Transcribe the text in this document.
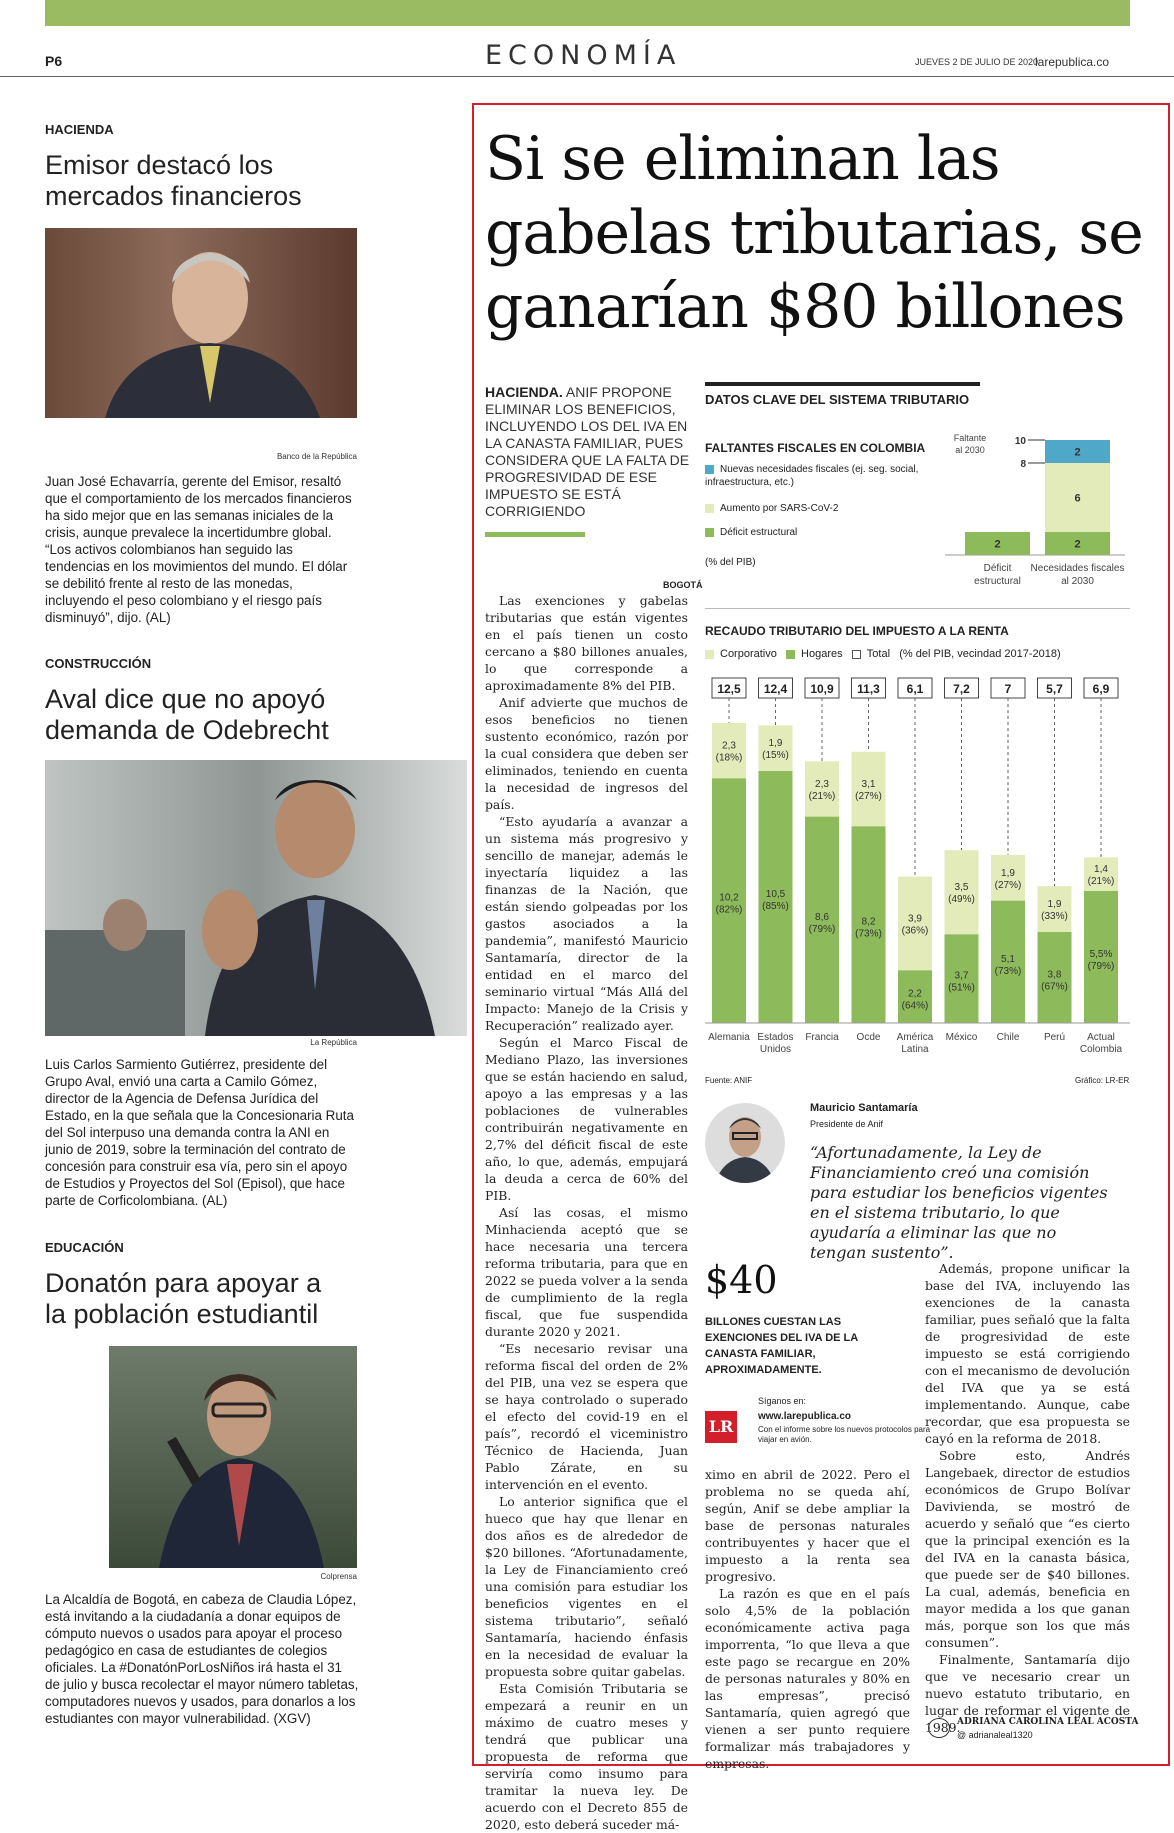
P6	ECONOMÍA	JUEVES 2 DE JULIO DE 2020
larepublica.co
HACIENDA
Emisor destacó los mercados financieros
Banco de la República
Juan José Echavarría, gerente del Emisor, resaltó que el comportamiento de los mercados financieros ha sido mejor que en las semanas iniciales de la crisis, aunque prevalece la incertidumbre global. “Los activos colombianos han seguido las tendencias en los movimientos del mundo. El dólar se debilitó frente al resto de las monedas, incluyendo el peso colombiano y el riesgo país disminuyó”, dijo. (AL)
CONSTRUCCIÓN
Aval dice que no apoyó demanda de Odebrecht
La República
Luis Carlos Sarmiento Gutiérrez, presidente del Grupo Aval, envió una carta a Camilo Gómez, director de la Agencia de Defensa Jurídica del Estado, en la que señala que la Concesionaria Ruta del Sol interpuso una demanda contra la ANI en junio de 2019, sobre la terminación del contrato de concesión para construir esa vía, pero sin el apoyo de Estudios y Proyectos del Sol (Episol), que hace parte de Corficolombiana. (AL)
EDUCACIÓN
Donatón para apoyar a la población estudiantil
Colprensa
La Alcaldía de Bogotá, en cabeza de Claudia López, está invitando a la ciudadanía a donar equipos de cómputo nuevos o usados para apoyar el proceso pedagógico en casa de estudiantes de colegios oficiales. La #DonatónPorLosNiños irá hasta el 31 de julio y busca recolectar el mayor número tabletas, computadores nuevos y usados, para donarlos a los estudiantes con mayor vulnerabilidad. (XGV)
Si se eliminan las gabelas tributarias, se ganarían $80 billones
HACIENDA. ANIF PROPONE ELIMINAR LOS BENEFICIOS, INCLUYENDO LOS DEL IVA EN LA CANASTA FAMILIAR, PUES CONSIDERA QUE LA FALTA DE PROGRESIVIDAD DE ESE IMPUESTO SE ESTÁ CORRIGIENDO
BOGOTÁ

Las exenciones y gabelas tributarias que están vigentes en el país tienen un costo cercano a $80 billones anuales, lo que corresponde a aproximadamente 8% del PIB.

Anif advierte que muchos de esos beneficios no tienen sustento económico, razón por la cual considera que deben ser eliminados, teniendo en cuenta la necesidad de ingresos del país.

“Esto ayudaría a avanzar a un sistema más progresivo y sencillo de manejar, además le inyectaría liquidez a las finanzas de la Nación, que están siendo golpeadas por los gastos asociados a la pandemia”, manifestó Mauricio Santamaría, director de la entidad en el marco del seminario virtual “Más Allá del Impacto: Manejo de la Crisis y Recuperación” realizado ayer.

Según el Marco Fiscal de Mediano Plazo, las inversiones que se están haciendo en salud, apoyo a las empresas y a las poblaciones de vulnerables contribuirán negativamente en 2,7% del déficit fiscal de este año, lo que, además, empujará la deuda a cerca de 60% del PIB.

Así las cosas, el mismo Minhacienda aceptó que se hace necesaria una tercera reforma tributaria, para que en 2022 se pueda volver a la senda de cumplimiento de la regla fiscal, que fue suspendida durante 2020 y 2021.

“Es necesario revisar una reforma fiscal del orden de 2% del PIB, una vez se espera que se haya controlado o superado el efecto del covid-19 en el país”, recordó el viceministro Técnico de Hacienda, Juan Pablo Zárate, en su intervención en el evento.

Lo anterior significa que el hueco que hay que llenar en dos años es de alrededor de $20 billones. “Afortunadamente, la Ley de Financiamiento creó una comisión para estudiar los beneficios vigentes en el sistema tributario”, señaló Santamaría, haciendo énfasis en la necesidad de evaluar la propuesta sobre quitar gabelas.

Esta Comisión Tributaria se empezará a reunir en un máximo de cuatro meses y tendrá que publicar una propuesta de reforma que serviría como insumo para tramitar la nueva ley. De acuerdo con el Decreto 855 de 2020, esto deberá suceder má-

DATOS CLAVE DEL SISTEMA TRIBUTARIO
FALTANTES FISCALES EN COLOMBIA
Nuevas necesidades fiscales (ej. seg. social, infraestructura, etc.)
Aumento por SARS-CoV-2
Déficit estructural
(% del PIB)
2
Déficit
estructural
2
6
2
Necesidades fiscales
al 2030
10
8
Faltante
al 2030
RECAUDO TRIBUTARIO DEL IMPUESTO A LA RENTA
Corporativo Hogares Total (% del PIB, vecindad 2017-2018)
12,5
10,2
(82%)
2,3
(18%)
Alemania
12,4
10,5
(85%)
1,9
(15%)
Estados
Unidos
10,9
8,6
(79%)
2,3
(21%)
Francia
11,3
8,2
(73%)
3,1
(27%)
Ocde
6,1
2,2
(64%)
3,9
(36%)
América
Latina
7,2
3,7
(51%)
3,5
(49%)
México
7
5,1
(73%)
1,9
(27%)
Chile
5,7
3,8
(67%)
1,9
(33%)
Perú
6,9
5,5%
(79%)
1,4
(21%)
Actual
Colombia
Fuente: ANIF	Gráfico: LR-ER
Mauricio Santamaría
Presidente de Anif
“Afortunadamente, la Ley de Financiamiento creó una comisión para estudiar los beneficios vigentes en el sistema tributario, lo que ayudaría a eliminar las que no tengan sustento”.
$40
BILLONES CUESTAN LAS EXENCIONES DEL IVA DE LA CANASTA FAMILIAR, APROXIMADAMENTE.
Síganos en:
LR
www.larepublica.co
Con el informe sobre los nuevos protocolos para viajar en avión.

ximo en abril de 2022. Pero el problema no se queda ahí, según, Anif se debe ampliar la base de personas naturales contribuyentes y hacer que el impuesto a la renta sea progresivo.

La razón es que en el país solo 4,5% de la población económicamente activa paga imporrenta, “lo que lleva a que este pago se recargue en 20% de personas naturales y 80% en las empresas”, precisó Santamaría, quien agregó que vienen a ser punto requiere formalizar más trabajadores y empresas.

Además, propone unificar la base del IVA, incluyendo las exenciones de la canasta familiar, pues señaló que la falta de progresividad de este impuesto se está corrigiendo con el mecanismo de devolución del IVA que ya se está implementando. Aunque, cabe recordar, que esa propuesta se cayó en la reforma de 2018.

Sobre esto, Andrés Langebaek, director de estudios económicos de Grupo Bolívar Davivienda, se mostró de acuerdo y señaló que “es cierto que la principal exención es la del IVA en la canasta básica, que puede ser de $40 billones. La cual, además, beneficia en mayor medida a los que ganan más, porque son los que más consumen”.

Finalmente, Santamaría dijo que ve necesario crear un nuevo estatuto tributario, en lugar de reformar el vigente de 1989.

ADRIANA CAROLINA LEAL ACOSTA
@ adrianaleal1320
